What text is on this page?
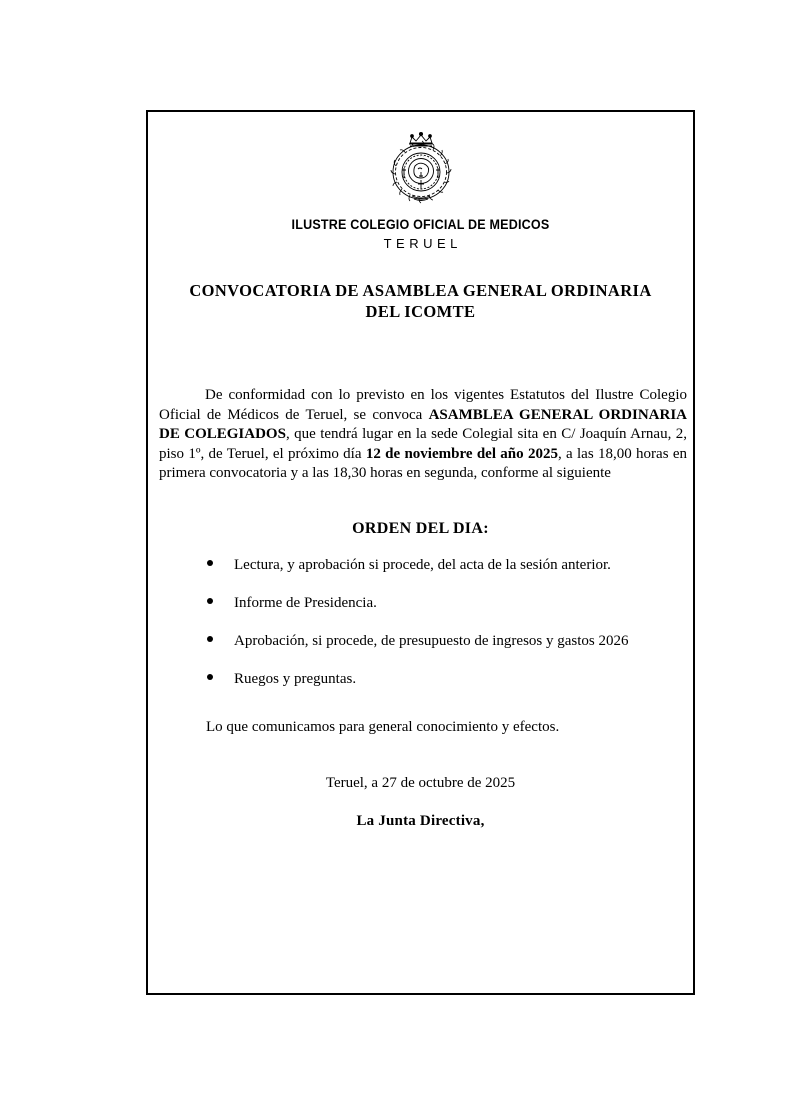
· · · · ·
· · ·
ILUSTRE COLEGIO OFICIAL DE MEDICOS
TERUEL
CONVOCATORIA DE ASAMBLEA GENERAL ORDINARIA
DEL ICOMTE

De conformidad con lo previsto en los vigentes Estatutos del Ilustre Colegio Oficial de Médicos de Teruel, se convoca ASAMBLEA GENERAL ORDINARIA DE COLEGIADOS, que tendrá lugar en la sede Colegial sita en C/ Joaquín Arnau, 2, piso 1º, de Teruel, el próximo día 12 de noviembre del año 2025, a las 18,00 horas en primera convocatoria y a las 18,30 horas en segunda, conforme al siguiente

ORDEN DEL DIA:
Lectura, y aprobación si procede, del acta de la sesión anterior.
Informe de Presidencia.
Aprobación, si procede, de presupuesto de ingresos y gastos 2026
Ruegos y preguntas.
Lo que comunicamos para general conocimiento y efectos.
Teruel, a 27 de octubre de 2025
La Junta Directiva,
